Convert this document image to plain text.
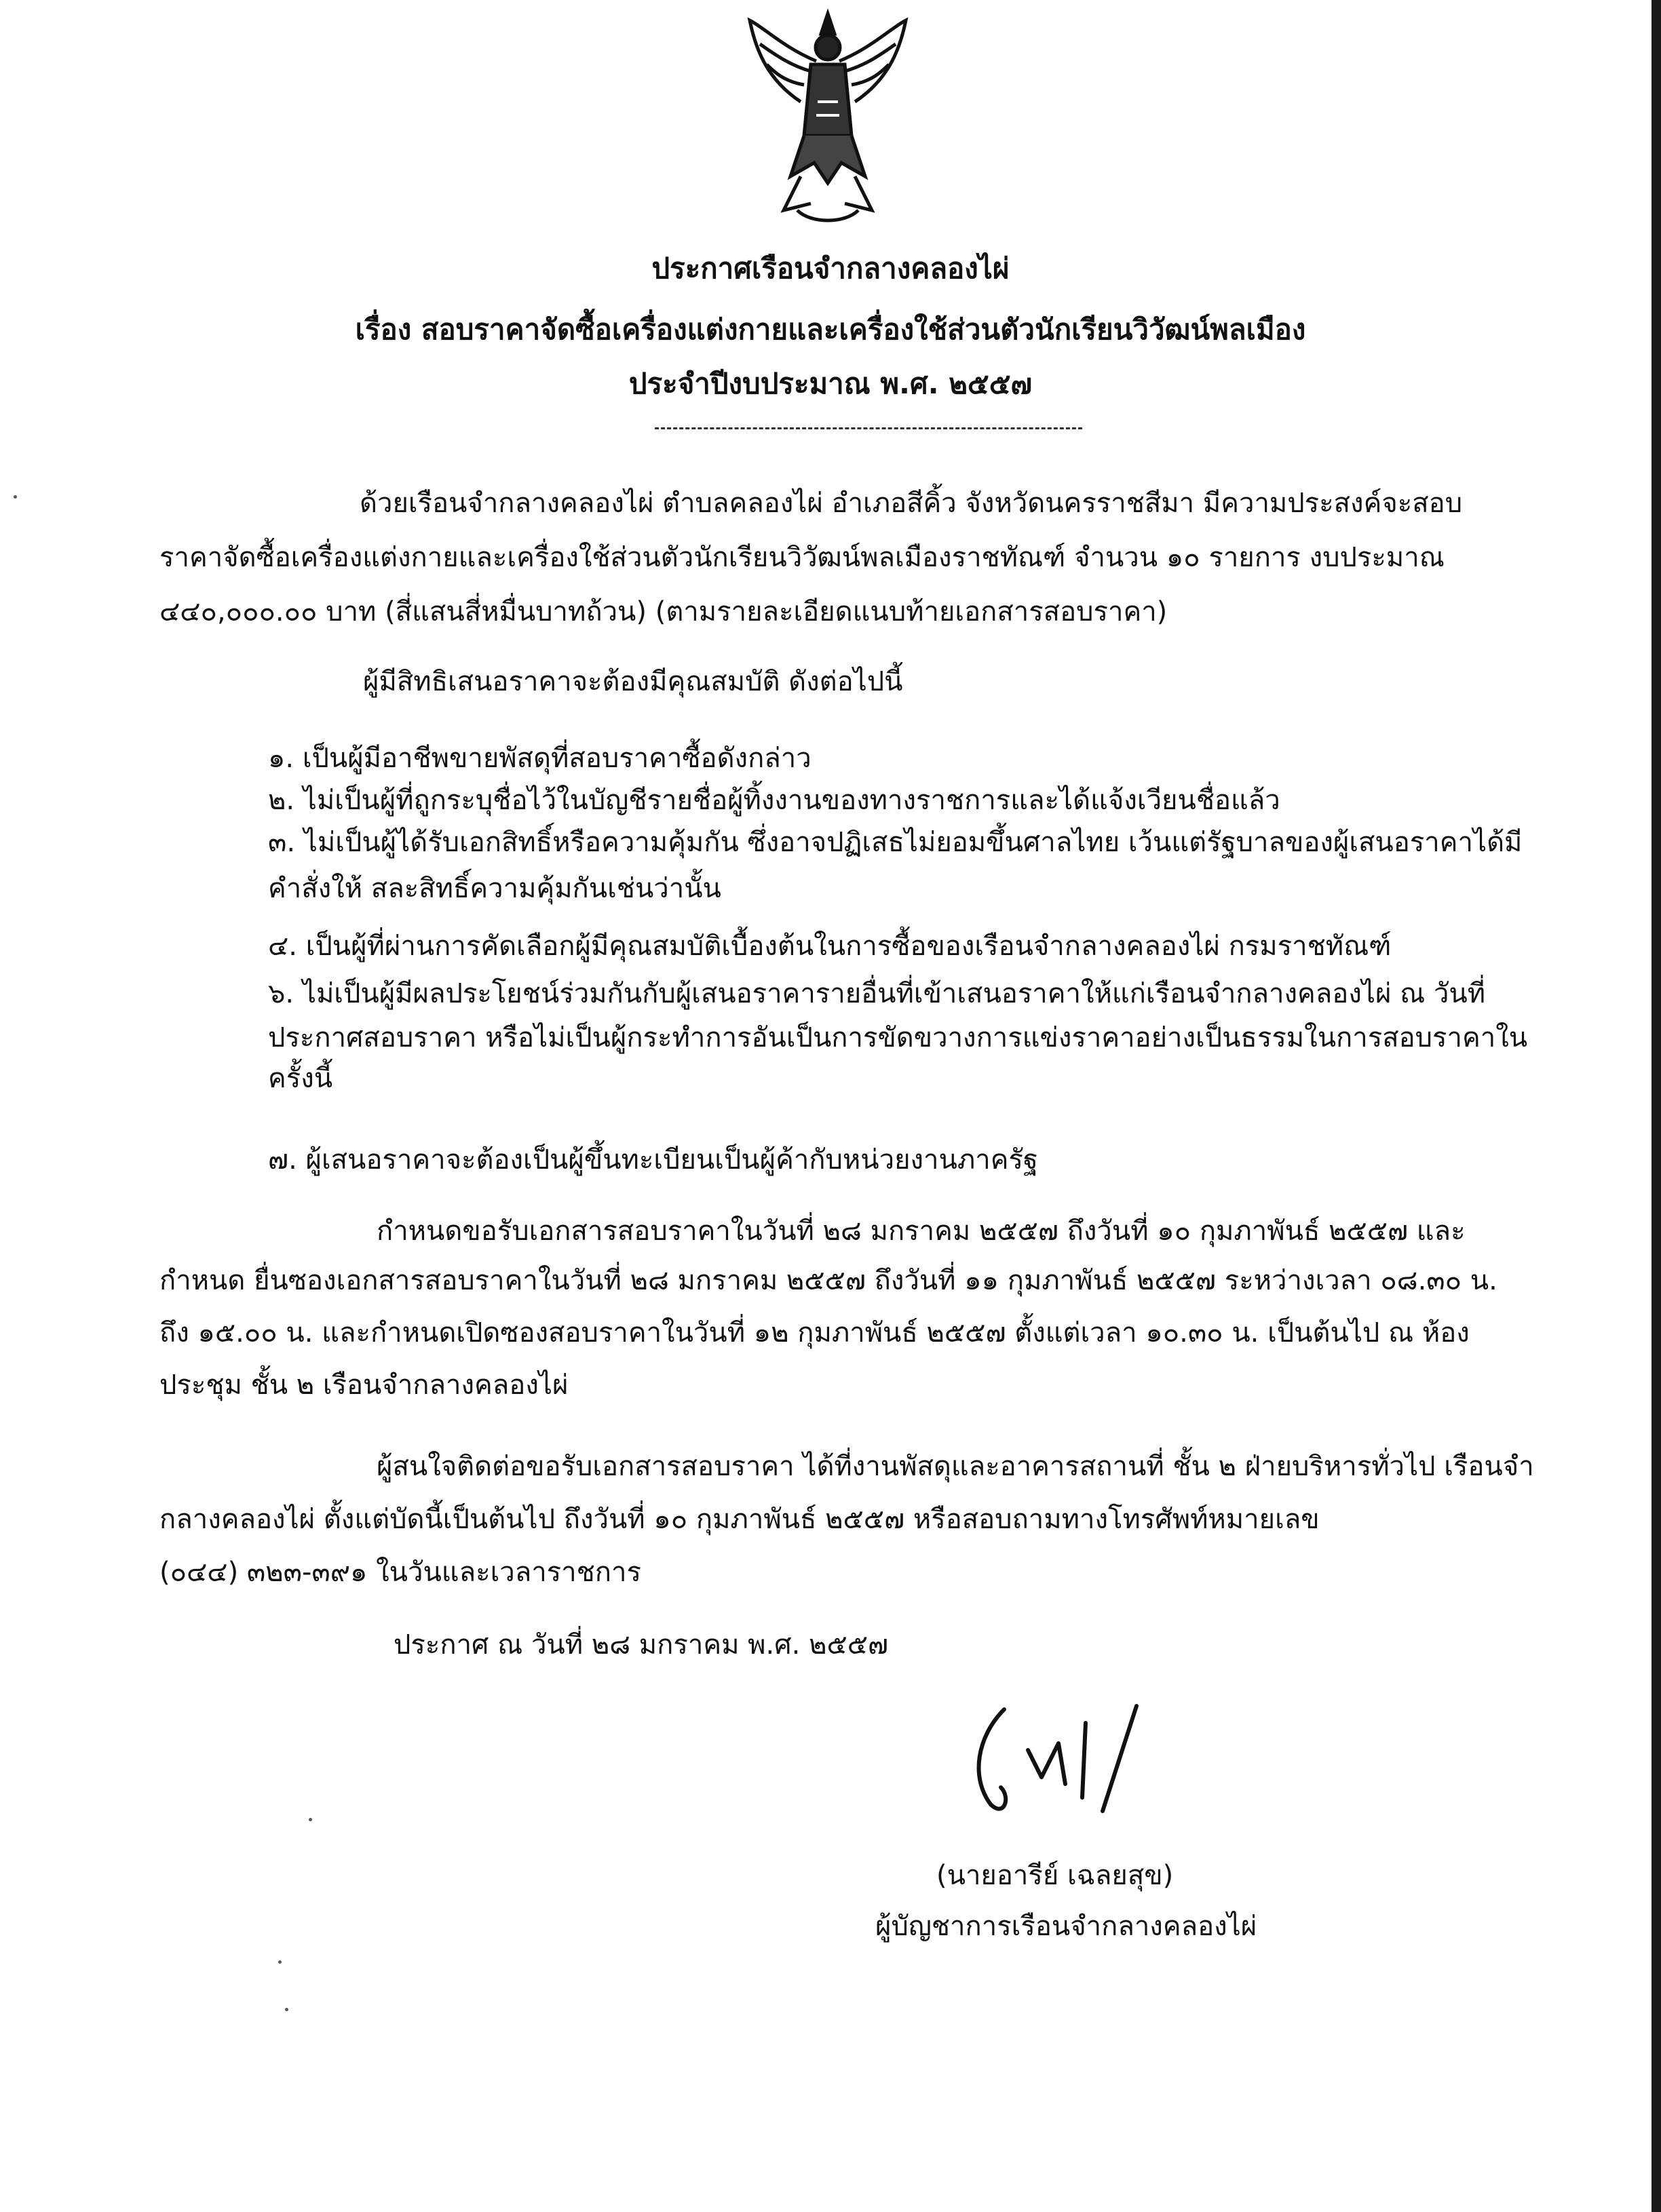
ประกาศเรือนจำกลางคลองไผ่
เรื่อง สอบราคาจัดซื้อเครื่องแต่งกายและเครื่องใช้ส่วนตัวนักเรียนวิวัฒน์พลเมือง
ประจำปีงบประมาณ พ.ศ. ๒๕๕๗
ด้วยเรือนจำกลางคลองไผ่ ตำบลคลองไผ่ อำเภอสีคิ้ว จังหวัดนครราชสีมา มีความประสงค์จะสอบ
ราคาจัดซื้อเครื่องแต่งกายและเครื่องใช้ส่วนตัวนักเรียนวิวัฒน์พลเมืองราชทัณฑ์ จำนวน ๑๐ รายการ งบประมาณ
๔๔๐,๐๐๐.๐๐ บาท (สี่แสนสี่หมื่นบาทถ้วน) (ตามรายละเอียดแนบท้ายเอกสารสอบราคา)
ผู้มีสิทธิเสนอราคาจะต้องมีคุณสมบัติ ดังต่อไปนี้
๑. เป็นผู้มีอาชีพขายพัสดุที่สอบราคาซื้อดังกล่าว
๒. ไม่เป็นผู้ที่ถูกระบุชื่อไว้ในบัญชีรายชื่อผู้ทิ้งงานของทางราชการและได้แจ้งเวียนชื่อแล้ว
๓. ไม่เป็นผู้ได้รับเอกสิทธิ์หรือความคุ้มกัน ซึ่งอาจปฏิเสธไม่ยอมขึ้นศาลไทย เว้นแต่รัฐบาลของผู้เสนอราคาได้มี
คำสั่งให้ สละสิทธิ์ความคุ้มกันเช่นว่านั้น
๔. เป็นผู้ที่ผ่านการคัดเลือกผู้มีคุณสมบัติเบื้องต้นในการซื้อของเรือนจำกลางคลองไผ่ กรมราชทัณฑ์
๖. ไม่เป็นผู้มีผลประโยชน์ร่วมกันกับผู้เสนอราคารายอื่นที่เข้าเสนอราคาให้แก่เรือนจำกลางคลองไผ่ ณ วันที่
ประกาศสอบราคา หรือไม่เป็นผู้กระทำการอันเป็นการขัดขวางการแข่งราคาอย่างเป็นธรรมในการสอบราคาใน
ครั้งนี้
๗. ผู้เสนอราคาจะต้องเป็นผู้ขึ้นทะเบียนเป็นผู้ค้ากับหน่วยงานภาครัฐ
กำหนดขอรับเอกสารสอบราคาในวันที่ ๒๘ มกราคม ๒๕๕๗ ถึงวันที่ ๑๐ กุมภาพันธ์ ๒๕๕๗ และ
กำหนด ยื่นซองเอกสารสอบราคาในวันที่ ๒๘ มกราคม ๒๕๕๗ ถึงวันที่ ๑๑ กุมภาพันธ์ ๒๕๕๗ ระหว่างเวลา ๐๘.๓๐ น.
ถึง ๑๕.๐๐ น. และกำหนดเปิดซองสอบราคาในวันที่ ๑๒ กุมภาพันธ์ ๒๕๕๗ ตั้งแต่เวลา ๑๐.๓๐ น. เป็นต้นไป ณ ห้อง
ประชุม ชั้น ๒ เรือนจำกลางคลองไผ่
ผู้สนใจติดต่อขอรับเอกสารสอบราคา ได้ที่งานพัสดุและอาคารสถานที่ ชั้น ๒ ฝ่ายบริหารทั่วไป เรือนจำ
กลางคลองไผ่ ตั้งแต่บัดนี้เป็นต้นไป ถึงวันที่ ๑๐ กุมภาพันธ์ ๒๕๕๗ หรือสอบถามทางโทรศัพท์หมายเลข
(๐๔๔) ๓๒๓-๓๙๑ ในวันและเวลาราชการ
ประกาศ ณ วันที่ ๒๘ มกราคม พ.ศ. ๒๕๕๗
(นายอารีย์ เฉลยสุข)
ผู้บัญชาการเรือนจำกลางคลองไผ่
